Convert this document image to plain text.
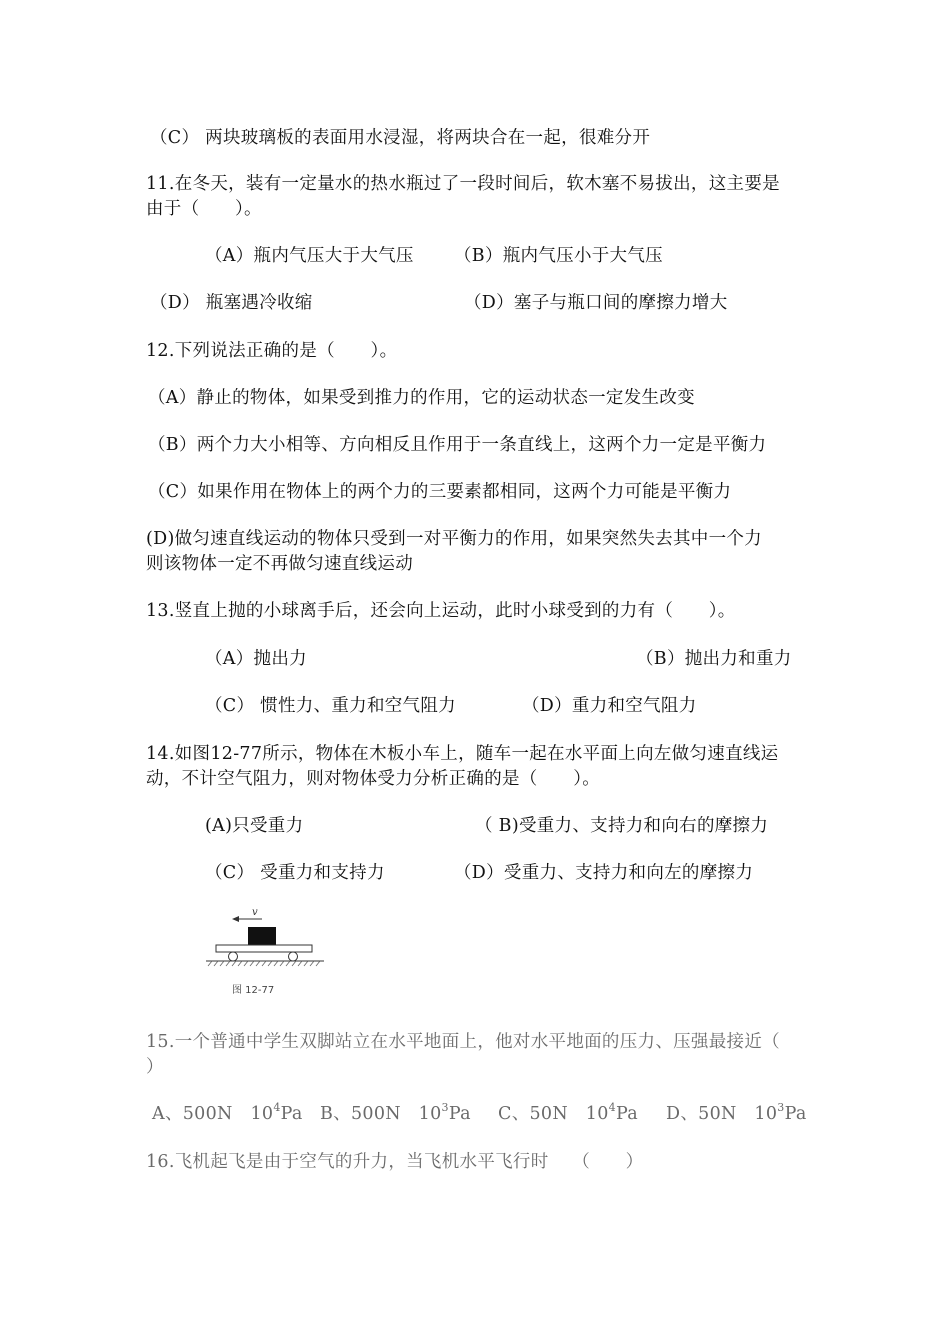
（C） 两块玻璃板的表面用水浸湿，将两块合在一起，很难分开
11.在冬天，装有一定量水的热水瓶过了一段时间后，软木塞不易拔出，这主要是
由于（　　）。
（A）瓶内气压大于大气压 （B）瓶内气压小于大气压
（D） 瓶塞遇冷收缩	（D）塞子与瓶口间的摩擦力增大
12.下列说法正确的是（　　）。
（A）静止的物体，如果受到推力的作用，它的运动状态一定发生改变
（B）两个力大小相等、方向相反且作用于一条直线上，这两个力一定是平衡力
（C）如果作用在物体上的两个力的三要素都相同，这两个力可能是平衡力
(D)做匀速直线运动的物体只受到一对平衡力的作用，如果突然失去其中一个力
则该物体一定不再做匀速直线运动
13.竖直上抛的小球离手后，还会向上运动，此时小球受到的力有（　　）。
（A）抛出力	（B）抛出力和重力
（C） 惯性力、重力和空气阻力	（D）重力和空气阻力
14.如图12-77所示，物体在木板小车上，随车一起在水平面上向左做匀速直线运
动，不计空气阻力，则对物体受力分析正确的是（　　）。
(A)只受重力	（ B)受重力、支持力和向右的摩擦力
（C） 受重力和支持力	（D）受重力、支持力和向左的摩擦力
v
图 12-77
15.一个普通中学生双脚站立在水平地面上，他对水平地面的压力、压强最接近（
）
A、500N　$10^4Pa$ B、500N　$10^3Pa$ C、50N　$10^4Pa$ D、50N　$10^3Pa$
16.飞机起飞是由于空气的升力，当飞机水平飞行时　 （　　）
